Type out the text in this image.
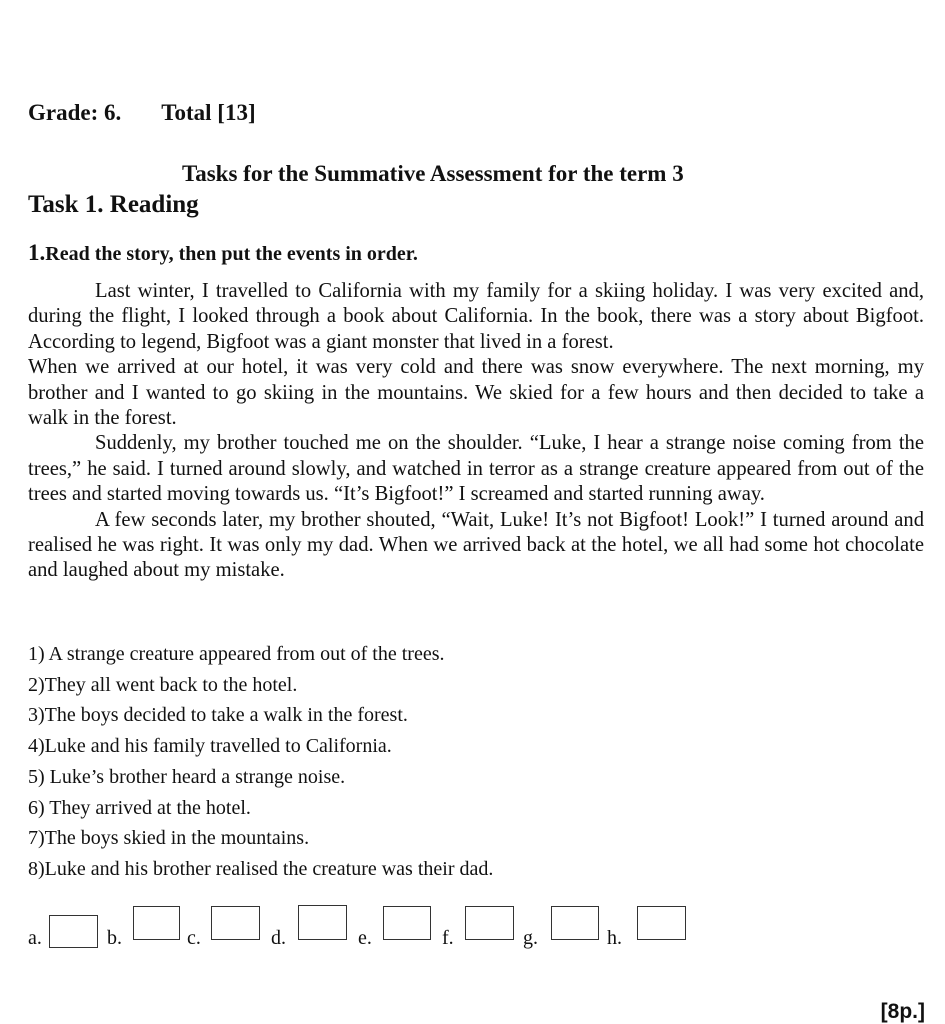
Grade: 6. Total [13]
Tasks for the Summative Assessment for the term 3
Task 1. Reading
1.Read the story, then put the events in order.

Last winter, I travelled to California with my family for a skiing holiday. I was very excited and, during the flight, I looked through a book about California. In the book, there was a story about Bigfoot. According to legend, Bigfoot was a giant monster that lived in a forest.

When we arrived at our hotel, it was very cold and there was snow everywhere. The next morning, my brother and I wanted to go skiing in the mountains. We skied for a few hours and then decided to take a walk in the forest.

Suddenly, my brother touched me on the shoulder. “Luke, I hear a strange noise coming from the trees,” he said. I turned around slowly, and watched in terror as a strange creature appeared from out of the trees and started moving towards us. “It’s Bigfoot!” I screamed and started running away.

A few seconds later, my brother shouted, “Wait, Luke! It’s not Bigfoot! Look!” I turned around and realised he was right. It was only my dad. When we arrived back at the hotel, we all had some hot chocolate and laughed about my mistake.

1) A strange creature appeared from out of the trees.
2)They all went back to the hotel.
3)The boys decided to take a walk in the forest.
4)Luke and his family travelled to California.
5) Luke’s brother heard a strange noise.
6) They arrived at the hotel.
7)The boys skied in the mountains.
8)Luke and his brother realised the creature was their dad.
a.	b.	c.	d.	e.	f.	g.	h.
[8p.]
